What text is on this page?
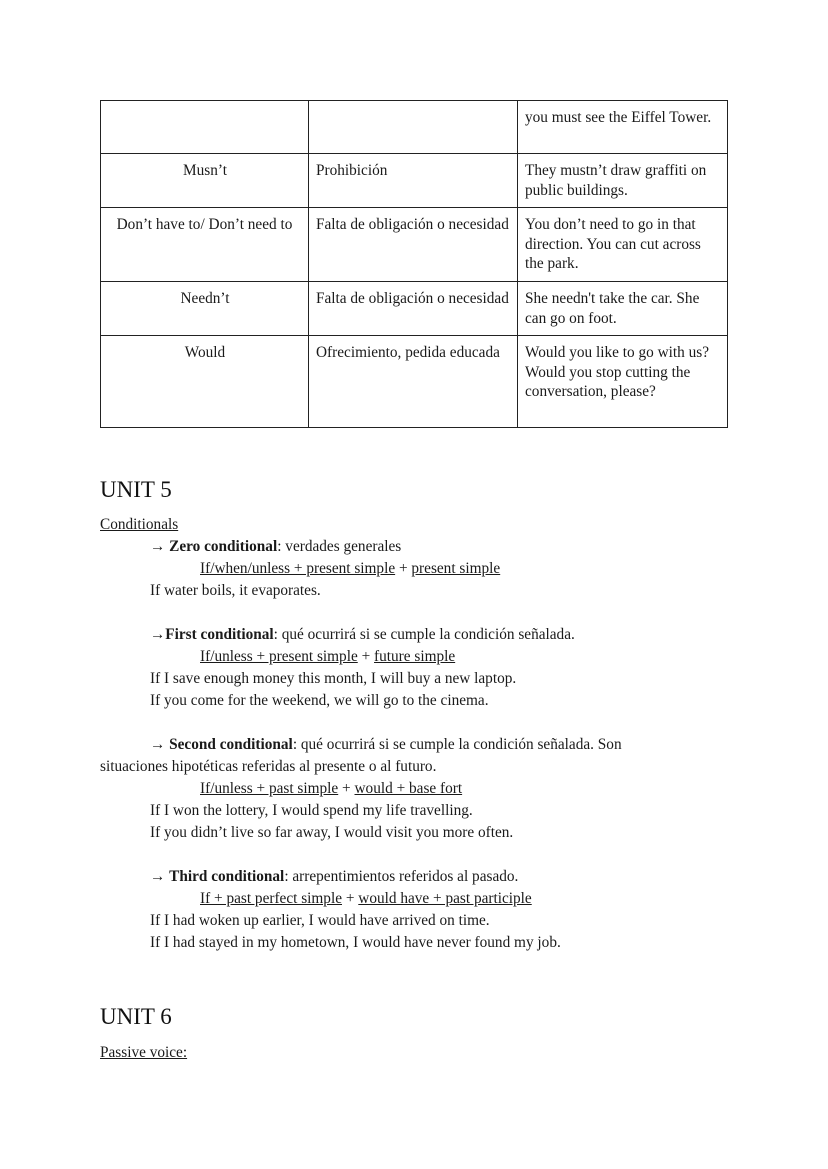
		you must see the Eiffel Tower.

Musn’t	Prohibición	They mustn’t draw graffiti on public buildings.

Don’t have to/ Don’t need to	Falta de obligación o necesidad	You don’t need to go in that direction. You can cut across the park.

Needn’t	Falta de obligación o necesidad	She needn't take the car. She can go on foot.

Would	Ofrecimiento, pedida educada	Would you like to go with us?
Would you stop cutting the conversation, please?
UNIT 5
Conditionals
→ Zero conditional: verdades generales
If/when/unless + present simple + present simple
If water boils, it evaporates.
→First conditional: qué ocurrirá si se cumple la condición señalada.
If/unless + present simple + future simple
If I save enough money this month, I will buy a new laptop.
If you come for the weekend, we will go to the cinema.
→ Second conditional: qué ocurrirá si se cumple la condición señalada. Son
situaciones hipotéticas referidas al presente o al futuro.
If/unless + past simple + would + base fort
If I won the lottery, I would spend my life travelling.
If you didn’t live so far away, I would visit you more often.
→ Third conditional: arrepentimientos referidos al pasado.
If + past perfect simple + would have + past participle
If I had woken up earlier, I would have arrived on time.
If I had stayed in my hometown, I would have never found my job.
UNIT 6
Passive voice:
